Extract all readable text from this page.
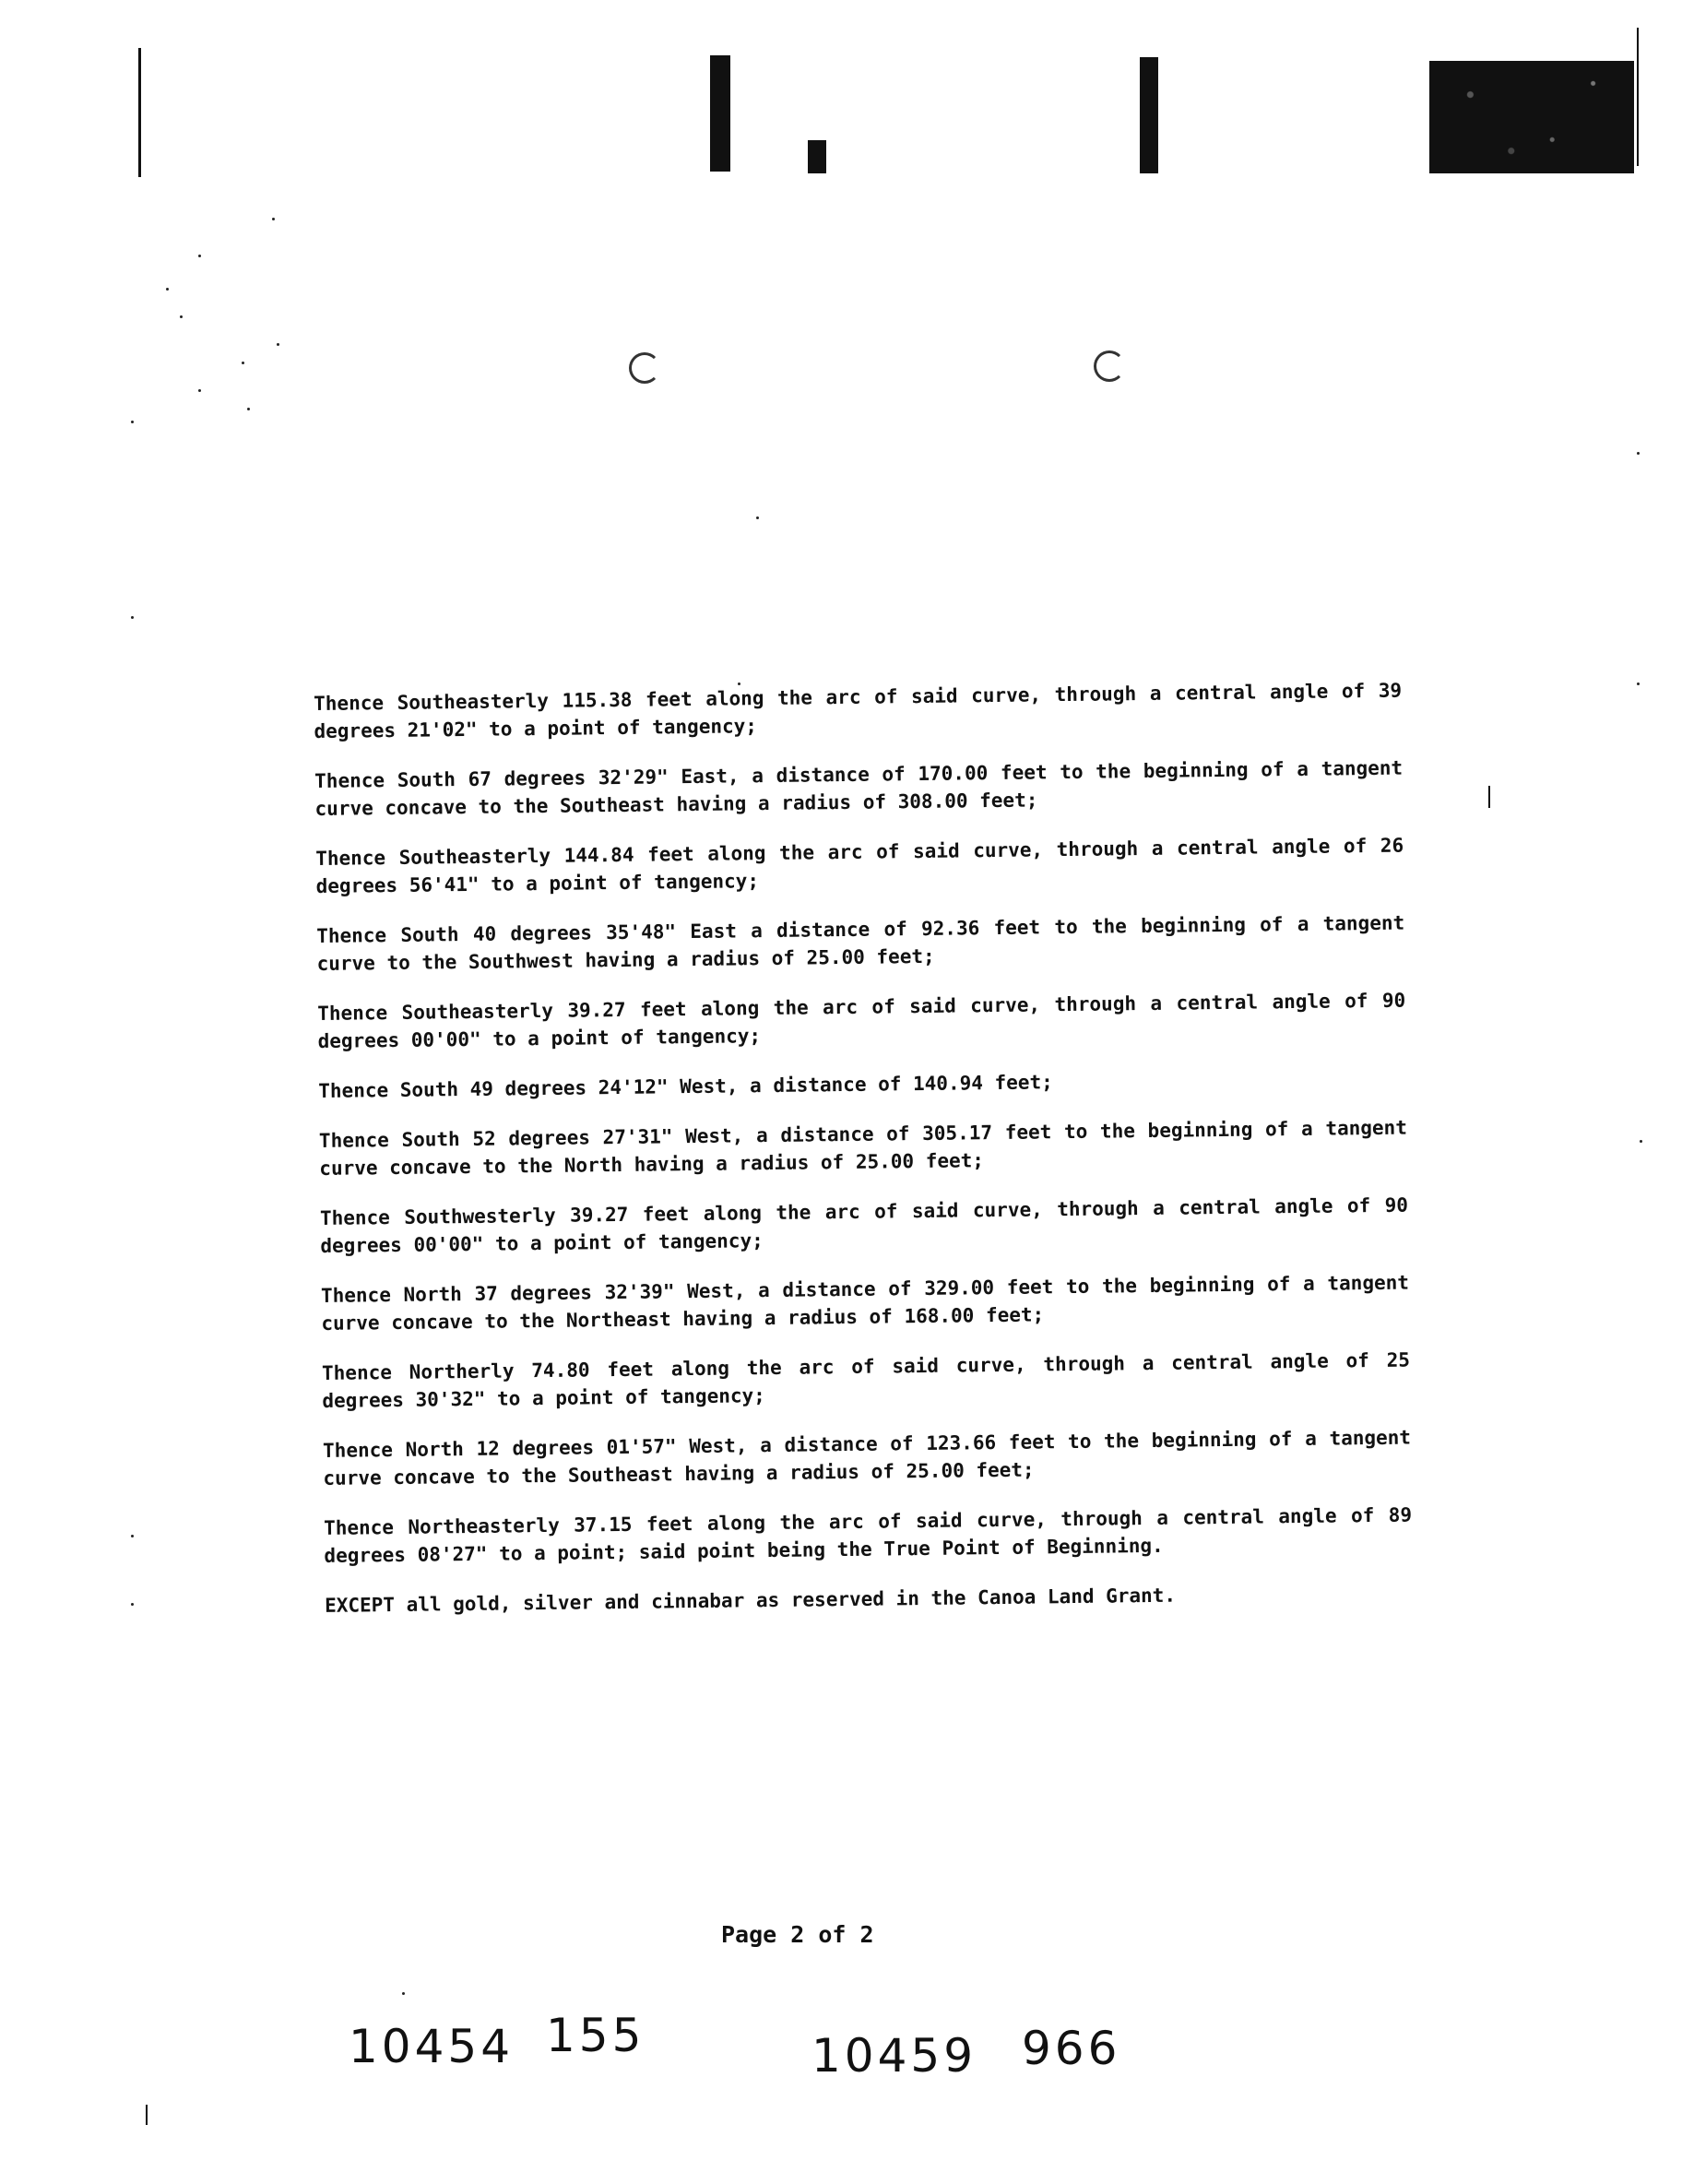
Thence Southeasterly 115.38 feet along the arc of said curve, through a central angle of 39 degrees 21'02" to a point of tangency;

Thence South 67 degrees 32'29" East, a distance of 170.00 feet to the beginning of a tangent curve concave to the Southeast having a radius of 308.00 feet;

Thence Southeasterly 144.84 feet along the arc of said curve, through a central angle of 26 degrees 56'41" to a point of tangency;

Thence South 40 degrees 35'48" East a distance of 92.36 feet to the beginning of a tangent curve to the Southwest having a radius of 25.00 feet;

Thence Southeasterly 39.27 feet along the arc of said curve, through a central angle of 90 degrees 00'00" to a point of tangency;

Thence South 49 degrees 24'12" West, a distance of 140.94 feet;

Thence South 52 degrees 27'31" West, a distance of 305.17 feet to the beginning of a tangent curve concave to the North having a radius of 25.00 feet;

Thence Southwesterly 39.27 feet along the arc of said curve, through a central angle of 90 degrees 00'00" to a point of tangency;

Thence North 37 degrees 32'39" West, a distance of 329.00 feet to the beginning of a tangent curve concave to the Northeast having a radius of 168.00 feet;

Thence Northerly 74.80 feet along the arc of said curve, through a central angle of 25 degrees 30'32" to a point of tangency;

Thence North 12 degrees 01'57" West, a distance of 123.66 feet to the beginning of a tangent curve concave to the Southeast having a radius of 25.00 feet;

Thence Northeasterly 37.15 feet along the arc of said curve, through a central angle of 89 degrees 08'27" to a point; said point being the True Point of Beginning.

EXCEPT all gold, silver and cinnabar as reserved in the Canoa Land Grant.

Page 2 of 2
10454 155	10459 966
